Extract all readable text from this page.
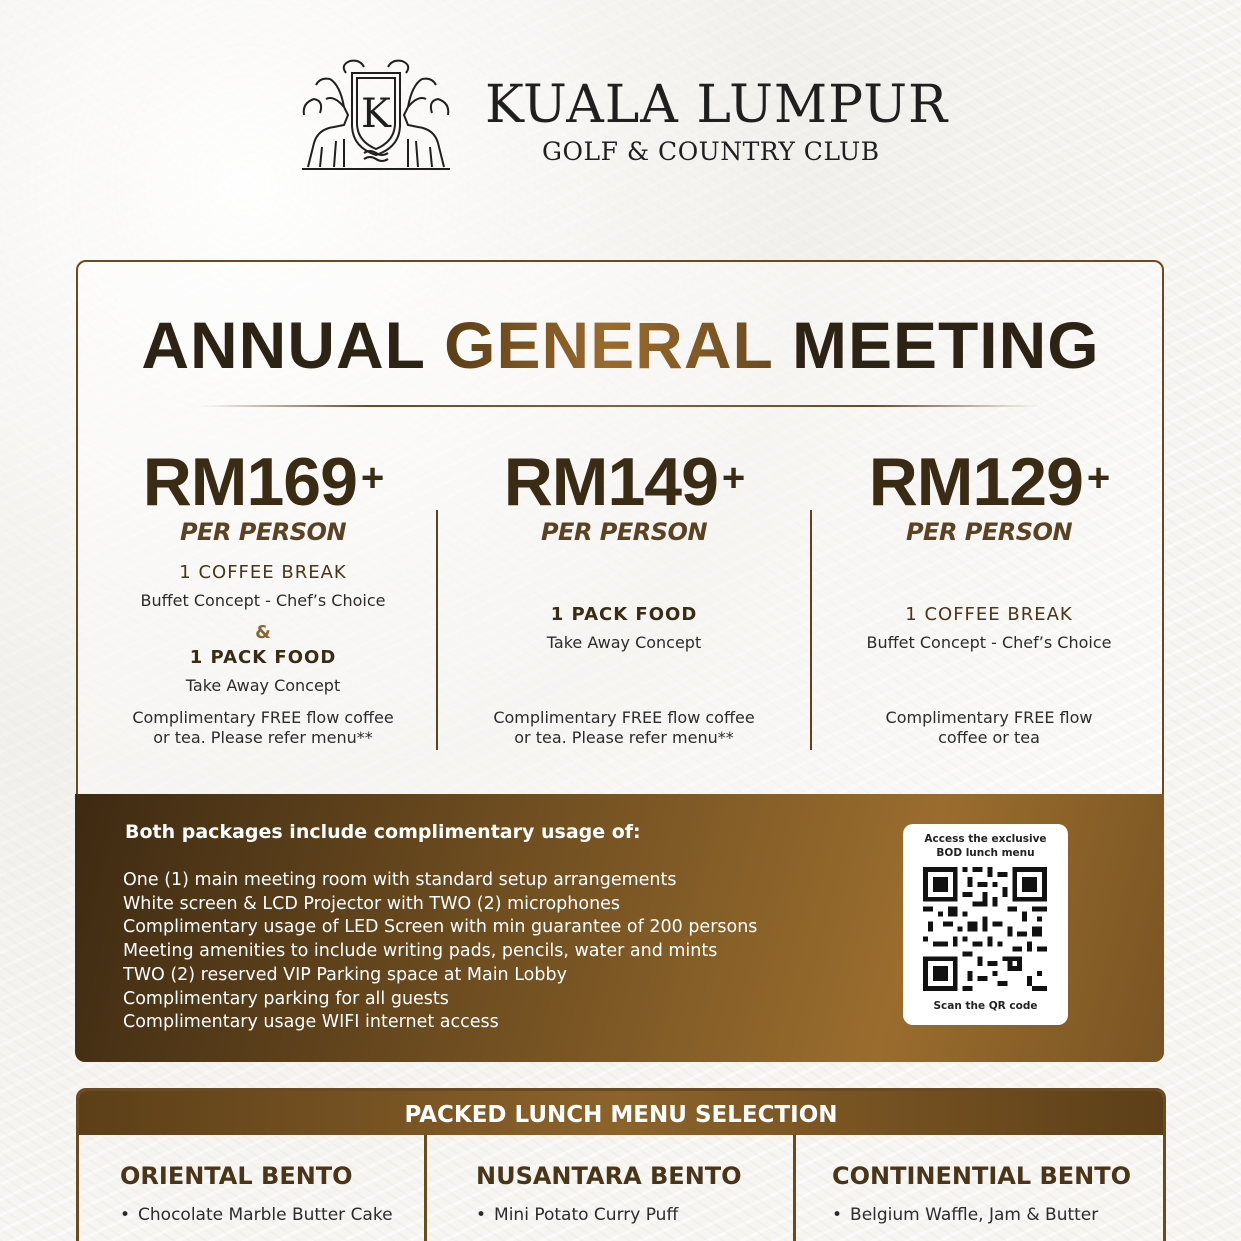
K KUALA LUMPUR
GOLF & COUNTRY CLUB
ANNUAL GENERAL MEETING
RM169 +
PER PERSON
1 COFFEE BREAK
Buffet Concept - Chef’s Choice
&
1 PACK FOOD
Take Away Concept
Complimentary FREE flow coffee
or tea. Please refer menu**
RM149 +
PER PERSON
1 PACK FOOD
Take Away Concept
Complimentary FREE flow coffee
or tea. Please refer menu**
RM129 +
PER PERSON
1 COFFEE BREAK
Buffet Concept - Chef’s Choice
Complimentary FREE flow
coffee or tea
Both packages include complimentary usage of:
One (1) main meeting room with standard setup arrangements
White screen & LCD Projector with TWO (2) microphones
Complimentary usage of LED Screen with min guarantee of 200 persons
Meeting amenities to include writing pads, pencils, water and mints
TWO (2) reserved VIP Parking space at Main Lobby
Complimentary parking for all guests
Complimentary usage WIFI internet access
Access the exclusive
BOD lunch menu
Scan the QR code
PACKED LUNCH MENU SELECTION
ORIENTAL BENTO
• Chocolate Marble Butter Cake
NUSANTARA BENTO
• Mini Potato Curry Puff
CONTINENTIAL BENTO
• Belgium Waffle, Jam & Butter
